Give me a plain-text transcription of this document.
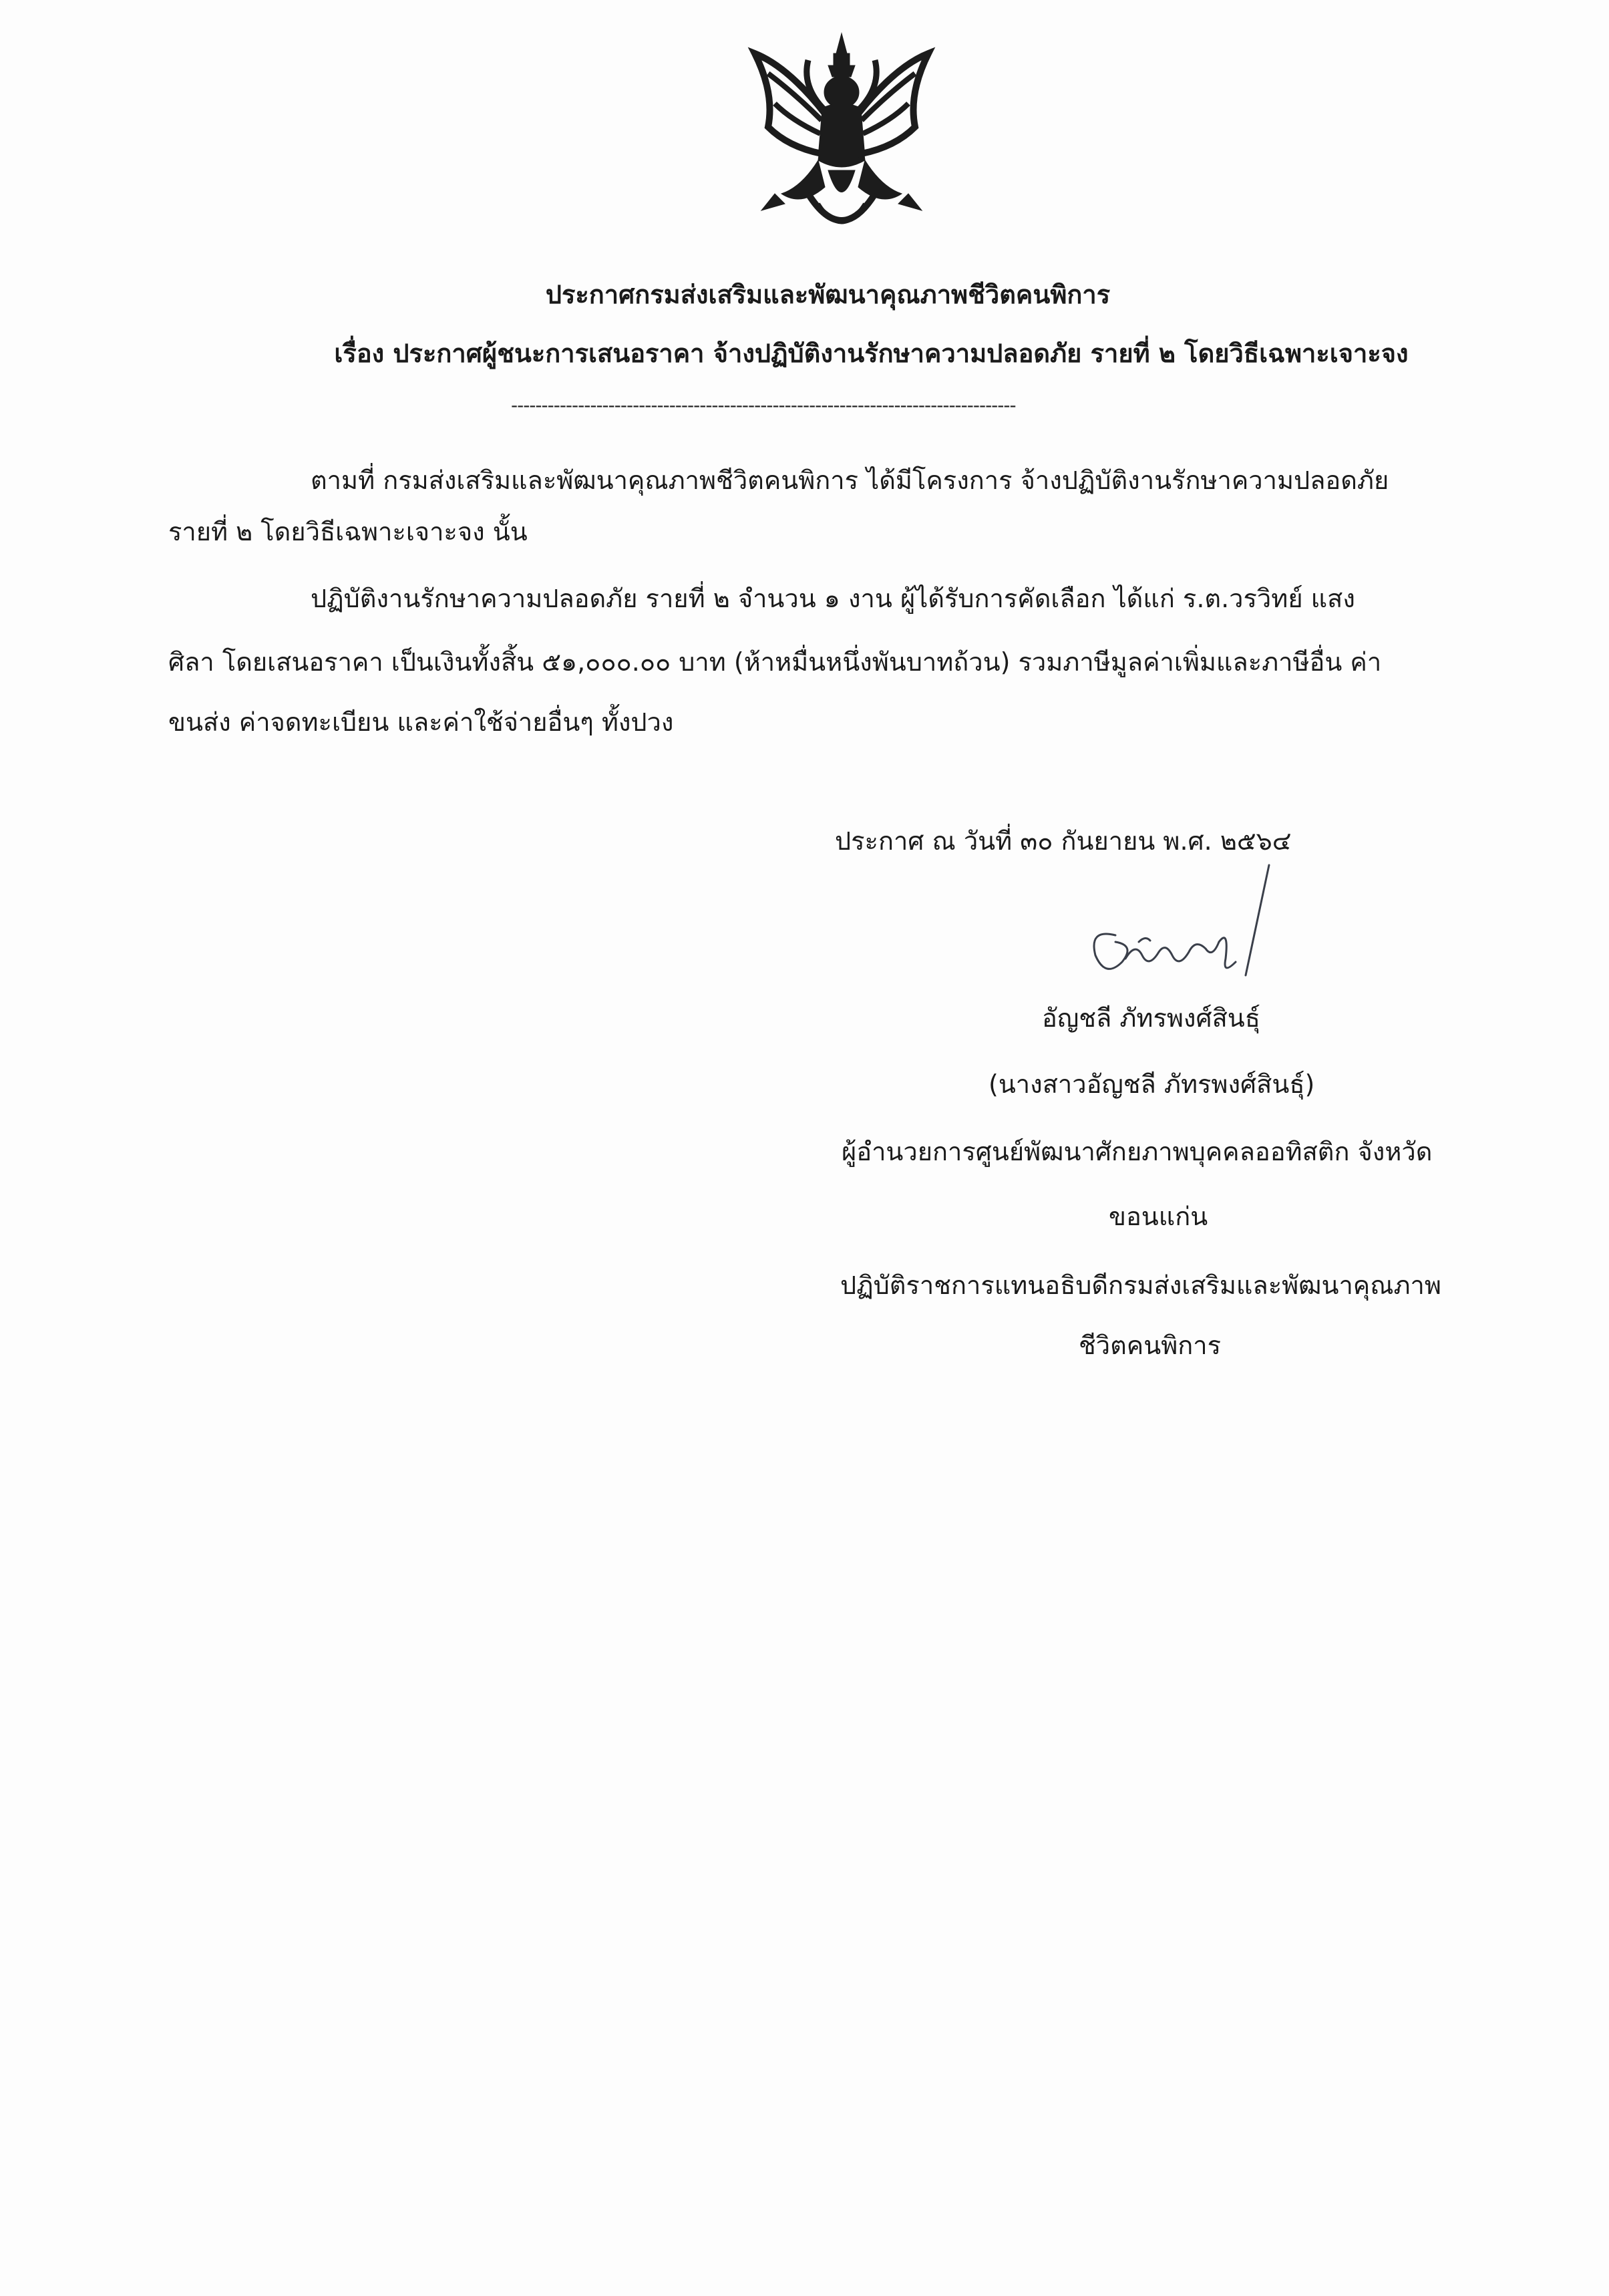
ประกาศกรมส่งเสริมและพัฒนาคุณภาพชีวิตคนพิการ
เรื่อง ประกาศผู้ชนะการเสนอราคา จ้างปฏิบัติงานรักษาความปลอดภัย รายที่ ๒ โดยวิธีเฉพาะเจาะจง
-----------------------------------------------------------------------------------
ตามที่ กรมส่งเสริมและพัฒนาคุณภาพชีวิตคนพิการ ได้มีโครงการ จ้างปฏิบัติงานรักษาความปลอดภัย
รายที่ ๒ โดยวิธีเฉพาะเจาะจง นั้น
ปฏิบัติงานรักษาความปลอดภัย รายที่ ๒ จำนวน ๑ งาน ผู้ได้รับการคัดเลือก ได้แก่ ร.ต.วรวิทย์ แสง
ศิลา โดยเสนอราคา เป็นเงินทั้งสิ้น ๕๑,๐๐๐.๐๐ บาท (ห้าหมื่นหนึ่งพันบาทถ้วน) รวมภาษีมูลค่าเพิ่มและภาษีอื่น ค่า
ขนส่ง ค่าจดทะเบียน และค่าใช้จ่ายอื่นๆ ทั้งปวง
ประกาศ ณ วันที่ ๓๐ กันยายน พ.ศ. ๒๕๖๔
อัญชลี ภัทรพงศ์สินธุ์
(นางสาวอัญชลี ภัทรพงศ์สินธุ์)
ผู้อำนวยการศูนย์พัฒนาศักยภาพบุคคลออทิสติก จังหวัด
ขอนแก่น
ปฏิบัติราชการแทนอธิบดีกรมส่งเสริมและพัฒนาคุณภาพ
ชีวิตคนพิการ
